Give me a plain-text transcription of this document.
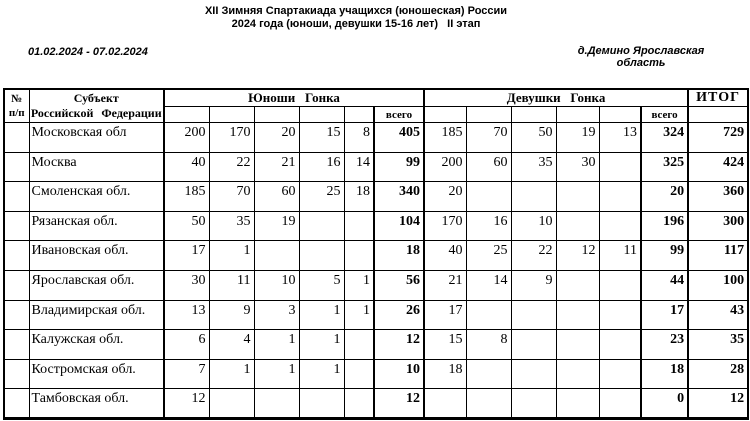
XII Зимняя Спартакиада учащихся (юношеская) России
2024 года (юноши, девушки 15-16 лет)   II этап
01.02.2024 - 07.02.2024	д.Демино Ярославская
область
№
п/п

Субъект
Российской Федерации
	Юноши   Гонка	Девушки   Гонка	ИТОГ
							всего						всего	
	Московская обл	200	170	20	15	8	405	185	70	50	19	13	324	729
	Москва	40	22	21	16	14	99	200	60	35	30		325	424
	Смоленская обл.	185	70	60	25	18	340	20					20	360
	Рязанская обл.	50	35	19			104	170	16	10			196	300
	Ивановская обл.	17	1				18	40	25	22	12	11	99	117
	Ярославская обл.	30	11	10	5	1	56	21	14	9			44	100
	Владимирская обл.	13	9	3	1	1	26	17					17	43
	Калужская обл.	6	4	1	1		12	15	8				23	35
	Костромская обл.	7	1	1	1		10	18					18	28
	Тамбовская обл.	12					12						0	12
